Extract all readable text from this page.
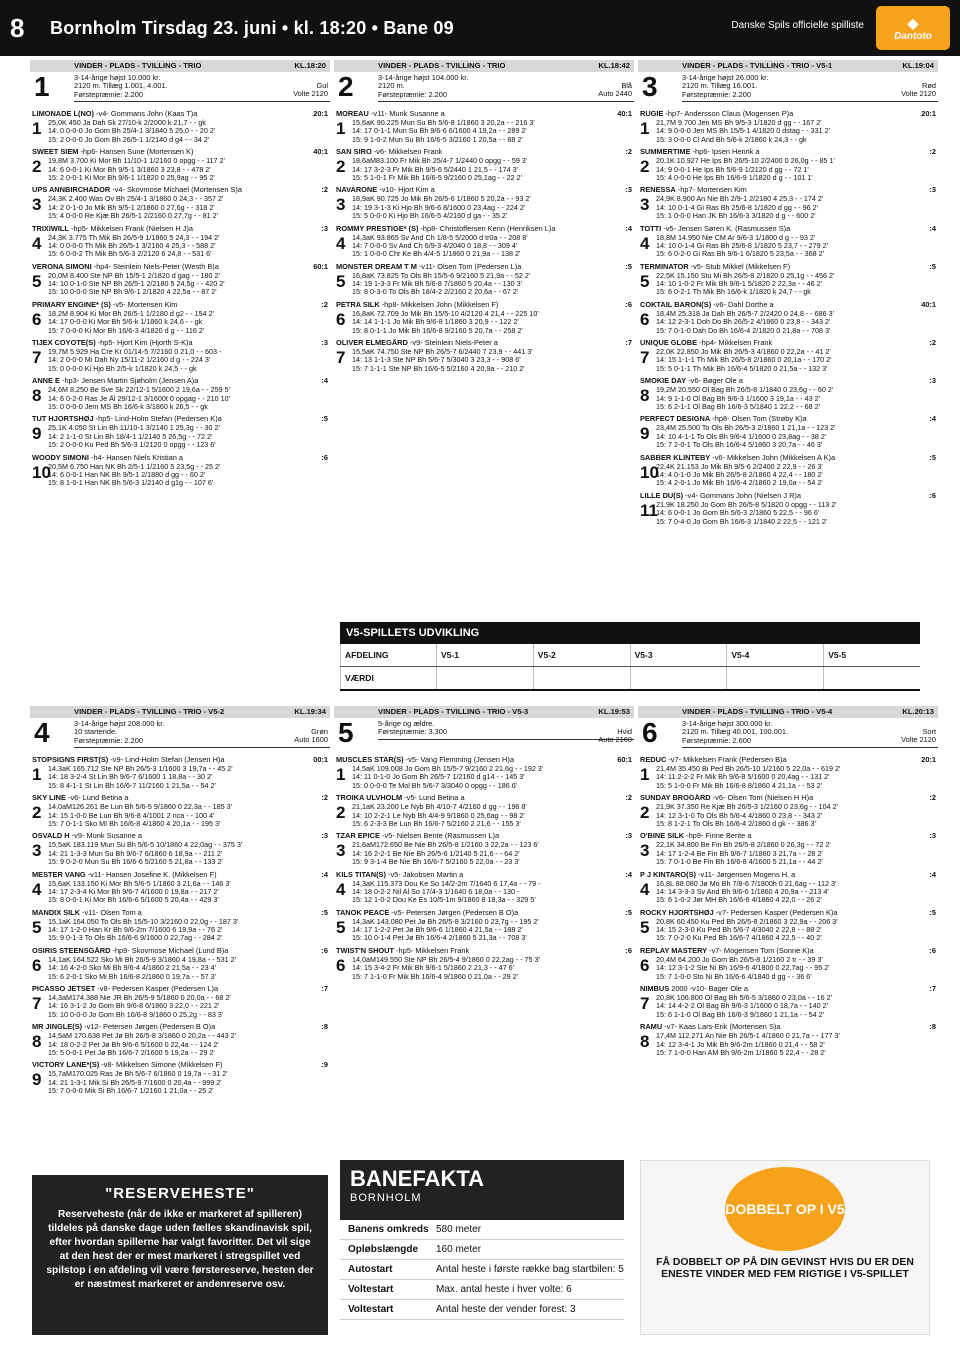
8	Bornholm Tirsdag 23. juni • kl. 18:20 • Bane 09	Danske Spils officielle spilliste	◆
Dantoto
VINDER - PLADS - TVILLING - TRIO	KL.18:20
1	3-14-årige højst 10.000 kr.
2120 m. Tillæg 1.001, 4.001.
Førstepræmie: 2.200
Gul
Volte 2120
LIMONADE L(NO) -v4- Gommans John (Kaas T)a	20:1
1 25,0K 450 Ja Dah Sk 27/10-k 2/2000 k 21,7 - - gk
14: 0 0-0-0 Jo Gom Bh 25/4-1 3/1840 5 25,0 - - 20 2'
15: 2 0-0-0 Jo Gom Bh 26/5-1 1/2140 d g4 - - 34 2'
SWEET SIEM -hp6- Hansen Sune (Mortensen K)	40:1
2 19,8M 3.700 Ki Mor Bh 11/10-1 1/2160 0 opgg - - 117 2'
14: 6 0-0-1 Ki Mor Bh 9/5-1 3/1860 3 23,8 - - 478 2'
15: 2 0-0-1 Ki Mor Bh 9/6-1 1/1820 0 25,9ag - - 95 2'
UPS ANNBIRCHADOR -v4- Skovmose Michael (Mortensen S)a	:2
3 24,3K 2.400 Was Ov Bh 25/4-1 3/1860 0 24,3 - - 357 2'
14: 2 0-1-0 Jo Mik Bh 9/5-1 2/1860 0 27,6g - - 318 2'
15: 4 0-0-0 Re Kjæ Bh 26/5-1 2/2160 0 27,7g - - 81 2'
TRIXIWILL -hp5- Mikkelsen Frank (Nielsen H J)a	:3
4 24,3K 3.775 Th Mik Bh 26/5-9 1/1860 5 24,3 - - 194 2'
14: 0 0-0-0 Th Mik Bh 26/5-1 3/2160 4 25,3 - - 588 2'
15: 6 0-0-2 Th Mik Bh 5/6-3 2/2120 6 24,8 - - 531 6'
VERONA SIMONI -hp4- Steinlein Niels-Peter (Westh B)a	60:1
5 20,0M 8.400 Ste NP Bh 15/5-1 2/1820 d gag - - 180 2'
14: 10 0-1-0 Ste NP Bh 26/5-1 2/2180 5 24,5g - - 420 2'
15: 10 0-0-0 Ste NP Bh 9/6-1 2/1820 4 22,5a - - 87 2'
PRIMARY ENGINE* (S) -v5- Mortensen Kim	:2
6 18,2M 8.904 Ki Mor Bh 26/5-1 1/2180 d g2 - - 154 2'
14: 17 0-0-0 Ki Mor Bh 5/6-k 1/1860 k 24,6 - - gk
15: 7 0-0-0 Ki Mor Bh 16/6-3 4/1820 d g - - 116 2'
TIJEX COYOTE(S) -hp5- Hjort Kim (Hjorth S-K)a	:3
7 19,7M 5.929 Ha Cre Kr 01/14-5 7/2160 0 21,0 - - 603 -
14: 2 0-0-0 Mi Dah Ny 15/11-2 1/2160 d g - - 224 3'
15: 0 0-0-0 Ki Hjo Bh 2/5-k 1/1820 k 24,5 - - gk
ANNE E -hp3- Jensen Martin Sjøholm (Jensen A)a	:4
8 24,6M 8.250 Be Sve Sk 22/12-1 5/1600 2 19,6a - - 259 5'
14: 6 0-2-0 Ras Je Ål 29/12-1 3/1600t 0 opgag - - 210 10'
15: 0 0-0-0 Jem MS Bh 16/6-k 3/1860 k 26,5 - - gk
TUT HJORTSHØJ -hp5- Lind-Holm Stefan (Pedersen K)a	:5
9 25,1K 4.050 St Lin Bh 11/10-1 3/2140 1 25,3g - - 30 2'
14: 2 1-1-0 St Lin Bh 18/4-1 1/2140 5 26,5g - - 72 2'
15: 2 0-0-0 Ku Ped Bh 5/6-3 1/2120 0 opgg - - 123 6'
WOODY SIMONI -h4- Hansen Niels Kristian a	:6
10
20,5M 6.750 Han NK Bh 2/5-1 1/2160 5 23,5g - - 25 2'
14: 6 0-0-1 Han NK Bh 9/5-1 2/1880 d gg - - 60 2'
15: 8 1-0-1 Han NK Bh 5/6-3 1/2140 d g1g - - 107 6'
VINDER - PLADS - TVILLING - TRIO	KL.18:42
2	3-14-årige højst 104.000 kr.
2120 m.
Førstepræmie: 2.200
Blå
Auto 2440
MOREAU -v11- Munk Susanne a	40:1
1 15,6aK 90.225 Mun Su Bh 5/6-8 1/1860 3 20,2a - - 216 3'
14: 17 0-1-1 Mun Su Bh 9/6-6 6/1600 4 19,2a - - 289 2'
15: 9 1-0-2 Mun Su Bh 16/6-5 3/2160 1 20,5a - - 88 2'
SAN SIRO -v6- Mikkelsen Frank	:2
2 18,6aM83.100 Fr Mik Bh 25/4-7 1/2440 0 opgg - - 59 3'
14: 17 3-2-3 Fr Mik Bh 9/5-6 5/2440 1 21,5 - - 174 3'
15: 5 1-0-1 Fr Mik Bh 16/6-5 9/2160 0 25,1ag - - 22 2'
NAVARONE -v10- Hjort Kim a	:3
3 18,9aK 90.725 Jo Mik Bh 26/5-6 1/1860 5 20,2a - - 93 2'
14: 19 3-1-3 Ki Hjo Bh 9/6-6 8/1600 0 23,4ag - - 224 2'
15: 5 0-0-0 Ki Hjo Bh 16/6-5 4/2160 d ga - - 35 2'
ROMMY PRESTIGE* (S) -hp8- Christoffersen Kenn (Henriksen L)a	:4
4 14,3aK 93.865 Sv And Ch 1/8-5 5/2000 d tr0a - - 208 8'
14: 7 0-0-0 Sv And Ch 6/9-3 4/2040 0 18,8 - - 309 4'
15: 1 0-0-0 Chr Ke Bh 4/4-5 1/1860 0 21,9a - - 138 2'
MONSTER DREAM T M -v11- Olsen Tom (Pedersen L)a	:5
5 16,8aK 73.825 To Ols Bh 15/5-6 9/2160 5 21,9a - - 52 2'
14: 19 1-3-3 Fr Mik Bh 5/6-8 7/1860 5 20,4a - - 130 3'
15: 8 0-3-0 To Ols Bh 18/4-2 2/2160 2 20,6a - - 67 2'
PETRA SILK -hp8- Mikkelsen John (Mikkelsen F)	:6
6 16,8aK 72.709 Jo Mik Bh 15/5-10 4/2120 4 21,4 - - 225 10'
14: 14 1-1-1 Jo Mik Bh 9/6-8 1/1860 3 20,9 - - 122 2'
15: 8 0-1-1 Jo Mik Bh 16/6-8 9/2160 5 20,7a - - 258 2'
OLIVER ELMEGÅRD -v9- Steinlein Niels-Peter a	:7
7 15,5aK 74.750 Ste NP Bh 26/5-7 6/2440 7 23,9 - - 441 3'
14: 13 1-1-3 Ste NP Bh 5/6-7 5/3040 3 23,3 - - 908 6'
15: 7 1-1-1 Ste NP Bh 16/6-5 5/2160 4 20,9a - - 210 2'
VINDER - PLADS - TVILLING - TRIO - V5-1	KL.19:04
3	3-14-årige højst 26.000 kr.
2120 m. Tillæg 16.001.
Førstepræmie: 2.200
Rød
Volte 2120
RUGIE -hp7- Andersson Claus (Mogensen P)a	20:1
1 21,7M 9.700 Jen MS Bh 9/5-3 1/1820 d gg - - 167 2'
14: 9 0-0-0 Jen MS Bh 15/5-1 4/1820 0 dstag - - 331 2'
15: 3 0-0-0 Cl And Bh 5/6-k 2/1860 k 24,3 - - gk
SUMMERTIME -hp6- Ipsen Henrik a	:2
2 20,1K 10.927 He Ips Bh 26/5-10 2/2400 0 26,0g - - 85 1'
14: 9 0-0-1 He Ips Bh 5/6-9 1/2120 d gg - - 72 1'
15: 4 0-0-0 He Ips Bh 16/6-9 1/1820 d g - - 101 1'
RENESSA -hp7- Mortensen Kim	:3
3 24,9K 8.900 An Nie Bh 2/9-1 2/2180 4 25,3 - - 174 2'
14: 10 0-1-4 Gi Ras Bh 25/6-8 1/1820 d gg - - 96 2'
15: 1 0-0-0 Han JK Bh 16/6-3 3/1820 d g - - 600 2'
TOTTI -v5- Jensen Søren K. (Rasmussen S)a	:4
4 18,8M 14.950 Nie CM Ar 9/6-3 1/1800 d g - - 93 2'
14: 10 0-1-4 Gi Ras Bh 25/6-8 1/1820 5 23,7 - - 279 2'
15: 6 0-2-0 Gi Ras Bh 9/6-1 6/1820 5 23,5a - - 368 2'
TERMINATOR -v5- Stub Mikkel (Mikkelsen F)	:5
5 22,5K 15.150 Stu Mi Bh 26/5-8 2/1820 0 25,1g - - 456 2'
14: 10 1-0-2 Fr Mik Bh 9/6-1 5/1820 2 22,3a - - 46 2'
15: 6 0-2-1 Th Mik Bh 16/6-k 1/1820 k 24,7 - - gk
COKTAIL BARON(S) -v6- Dahl Dorthe a	40:1
6 18,4M 25.318 Ja Dah Bh 26/5-7 2/2420 0 24,8 - - 686 3'
14: 12 2-3-1 Doh Do Bh 26/5-2 4/1860 0 23,8 - - 343 2'
15: 7 0-1-0 Dah Do Bh 16/6-4 2/1820 0 21,8a - - 708 3'
UNIQUE GLOBE -hp4- Mikkelsen Frank	:2
7 22,0K 22.850 Jo Mik Bh 26/5-3 4/1860 0 22,2a - - 41 2'
14: 15 1-1-1 Th Mik Bh 26/5-8 2/1860 0 20,1a - - 170 2'
15: 5 0-1-1 Th Mik Bh 16/6-4 5/1820 0 21,5a - - 132 3'
SMOKIE DAY -v6- Bøger Ole a	:3
8 19,2M 20.550 Ol Bag Bh 26/5-8 1/1840 0 23,6g - - 60 2'
14: 9 1-1-0 Ol Bag Bh 9/6-3 1/1600 3 19,1a - - 43 2'
15: 6 2-1-1 Ol Bag Bh 16/6-3 5/1840 1 22,2 - - 68 2'
PERFECT DESIGNA -hp8- Olsen Tom (Strøby K)a	:4
9 23,4M 25.500 To Ols Bh 26/5-3 2/1860 1 21,1a - - 123 2'
14: 10 4-1-1 To Ols Bh 9/6-4 1/1600 0 23,8ag - - 38 2'
15: 7 2-0-1 To Ols Bh 16/6-4 5/1860 3 20,7a - - 46 3'
SABBER KLINTEBY -v6- Mikkelsen John (Mikkelsen A K)a	:5
10
22,4K 21.153 Jo Mik Bh 9/5-6 2/2400 2 22,9 - - 26 3'
14: 4 0-1-0 Jo Mik Bh 26/5-8 2/1860 4 22,4 - - 180 2'
15: 4 2-0-1 Jo Mik Bh 16/6-4 2/1860 2 19,0a - - 54 2'
LILLE DU(S) -v4- Gommans John (Nielsen J R)a	:6
11
21,9K 18.250 Jo Gom Bh 26/5-8 5/1820 0 opgg - - 113 2'
14: 6 0-0-1 Jo Gom Bh 5/6-3 2/1860 5 22,5 - - 96 6'
15: 7 0-4-0 Jo Gom Bh 16/6-3 1/1840 2 22,5 - - 121 2'
VINDER - PLADS - TVILLING - TRIO - V5-2	KL.19:34
4	3-14-årige højst 208.000 kr.
10 startende.
Førstepræmie: 2.200
Grøn
Auto 1600
STOPSIGNS FIRST(S) -v9- Lind-Holm Stefan (Jensen H)a	00:1
1 14,3aK 165.712 Ste NP Bh 26/5-3 1/1600 3 19,7a - - 45 2'
14: 18 3-2-4 St Lin Bh 9/6-7 6/1600 1 18,8a - - 30 2'
15: 8 4-1-1 St Lin Bh 16/6-7 11/2160 1 21,5a - - 54 2'
SKY LINE -v6- Lund Betina a	:2
2 14,0aM126.261 Be Lun Bh 5/6-5 9/1860 0 22,3a - - 185 3'
14: 15 1-0-0 Be Lun Bh 9/6-8 4/1001 2 nca - - 100 4'
15: 7 0-1-1 Sko MI Bh 16/6-8 4/1860 4 20,1a - - 195 3'
OSVALD H -v9- Munk Susanne a	:3
3 15,5aK 183.119 Mun Su Bh 5/6-5 10/1860 4 22,0ag - - 375 3'
14: 21 1-3-3 Mun Su Bh 9/6-7 6/1860 6 18,9a - - 211 2'
15: 9 0-2-0 Mun Su Bh 16/6-6 5/2160 5 21,8a - - 133 2'
MESTER VANG -v11- Hansen Josefine K. (Mikkelsen F)	:4
4 15,6aK 133.150 Ki Mor Bh 5/6-5 1/1860 3 21,6a - - 146 3'
14: 17 2-3-4 Ki Mor Bh 9/6-7 4/1600 0 19,8a - - 217 2'
15: 8 0-0-1 Ki Mor Bh 16/6-6 5/1600 5 20,4a - - 429 3'
MANDIX SILK -v11- Olsen Tom a	:5
5 15,1aK 164.050 To Ols Bh 15/5-10 3/2160 0 22,0g - - 187 3'
14: 17 1-2-0 Han Kr Bh 9/6-2m 7/1600 6 19,9a - - 76 2'
15: 9 0-1-3 To Ols Bh 16/6-6 9/1600 0 22,7ag - - 284 2'
OSIRIS STEENSGÅRD -hp9- Skovmose Michael (Lund B)a	:6
6 14,1aK 164.522 Sko Mi Bh 26/5-9 3/1860 4 19,8a - - 531 2'
14: 16 4-2-0 Sko Mi Bh 9/6-4 4/1860 2 21,5a - - 23 4'
15: 6 2-0-1 Sko Mi Bh 16/6-8 2/1860 0 19,7a - - 57 3'
PICASSO JETSET -v8- Pedersen Kasper (Pedersen L)a	:7
7 14,3aM174.388 Nie JR Bh 26/5-9 5/1860 0 20,0a - - 68 2'
14: 16 3-1-2 Jo Gom Bh 9/6-8 6/1860 3 22,0 - - 221 2'
15: 10 0-0-0 Jo Gom Bh 16/6-8 9/1860 0 25,2g - - 83 3'
MR JINGLE(S) -v12- Petersen Jørgen (Pedersen B O)a	:8
8 14,5aM 170.638 Pet Jø Bh 26/5-8 3/1860 0 20,2a - - 443 2'
14: 18 0-2-2 Pet Jø Bh 9/6-6 5/1600 0 22,4a - - 124 2'
15: 5 0-0-1 Pet Jø Bh 16/6-7 2/1600 5 19,2a - - 29 2'
VICTORY LANE*(S) -v8- Mikkelsen Simone (Mikkelsen F)	:9
9 15,7aM170.025 Ras Je Bh 5/6-7 6/1860 0 19,7a - - 31 2'
14: 21 1-3-1 Mik Si Bh 26/5-9 7/1600 0 20,4a - - 999 2'
15: 7 0-0-0 Mik Si Bh 16/6-7 1/2160 1 21,0a - - 25 2'
VINDER - PLADS - TVILLING - TRIO - V5-3	KL.19:53
5	5-årige og ældre.
Førstepræmie: 3.300	Hvid
Auto 2160
MUSCLES STAR(S) -v5- Vang Flemming (Jensen H)a	60:1
1 14,5aK 109.008 Jo Gom Bh 15/5-7 9/2160 2 21,6g - - 192 3'
14: 11 0-1-0 Jo Gom Bh 26/5-7 1/2160 d g14 - - 145 3'
15: 0 0-0-0 Te Mol Bh 5/6-7 3/3040 0 opgg - - 186 6'
TROIKA ULVHOLM -v5- Lund Betina a	:2
2 21,1aK 23.200 Le Nyb Bh 4/10-7 4/2160 d gg - - 196 8'
14: 10 2-2-1 Le Nyb Bh 4/4-9 9/1860 0 25,6ag - - 98 2'
15: 6 2-3-3 Be Lun Bh 16/6-7 5/2160 2 21,6 - - 155 3'
TZAR EPICE -v5- Nielsen Bente (Rasmussen L)a	:3
3 21,6aM172.650 Be Nie Bh 26/5-8 1/2160 3 22,2a - - 123 6'
14: 16 2-2-1 Be Nie Bh 26/5-6 1/2140 5 21,6 - - 64 2'
15: 9 3-1-4 Be Nie Bh 16/6-7 5/2160 5 22,0a - - 23 3'
KILS TITAN(S) -v5- Jakobsen Martin a	:4
4 14,3aK 115.373 Dou Ke So 14/2-2m 7/1640 6 17,4a - - 79 -
14: 18 0-2-2 Nil Al So 17/4-3 1/1640 6 18,0a - - 130 -
15: 12 1-0-2 Dou Ke Es 10/5-1m 9/1860 8 18,3a - - 329 5'
TANOK PEACE -v5- Petersen Jørgen (Pedersen B O)a	:5
5 14,3aK 143.080 Pet Jø Bh 26/5-8 3/2160 0 23,7g - - 195 2'
14: 17 1-2-2 Pet Jø Bh 9/6-6 1/1860 4 21,5a - - 188 2'
15: 10 0-1-4 Pet Jø Bh 16/6-4 2/1860 5 21,3a - - 708 3'
TWIST'N SHOUT -hp5- Mikkelsen Frank	:6
6 14,0aM149.550 Ste NP Bh 26/5-4 9/1860 0 22,2ag - - 75 3'
14: 15 3-4-2 Fr Mik Bh 9/6-1 5/1860 2 21,3 - - 47 6'
15: 7 1-1-0 Fr Mik Bh 16/6-4 9/1860 0 21,0a - - 29 2'
VINDER - PLADS - TVILLING - TRIO - V5-4	KL.20:13
6	3-14-årige højst 300.000 kr.
2120 m. Tillæg 40.001, 100.001.
Førstepræmie: 2.600
Sort
Volte 2120
REDUC -v7- Mikkelsen Frank (Pedersen B)a	20:1
1 21,4M 35.450 Bi Ped Bh 26/5-10 1/2160 5 22,0a - - 619 2'
14: 11 2-2-2 Fr Mik Bh 9/6-8 5/1600 0 20,4ag - - 131 2'
15: 5 1-0-0 Fr Mik Bh 16/6-8 8/1860 4 21,1a - - 53 2'
SUNDAY BROGÅRD -v6- Olsen Tom (Nielsen H H)a	:2
2 21,9K 37.350 Re Kjæ Bh 26/5-3 1/2160 0 23,6g - - 104 2'
14: 12 3-1-0 To Ols Bh 5/6-4 4/1860 0 23,8 - - 343 2'
15: 8 1-2-1 To Ols Bh 16/6-4 2/1860 d gk - - 386 3'
O'BINE SILK -hp9- Finne Bente a	:3
3 22,1K 34.800 Be Fin Bh 26/5-8 2/1860 0 26,3g - - 72 2'
14: 17 1-2-4 Be Fin Bh 9/6-7 1/1860 3 21,7a - - 28 2'
15: 7 0-1-0 Be Fin Bh 16/6-8 4/1600 5 21,1a - - 44 2'
P J KINTARO(S) -v11- Jørgensen Mogens H. a	:4
4 16,8L 88.080 Jø Mo Bh 7/8-6 7/1800h 0 21,6ag - - 112 3'
14: 14 3-3-3 Sv And Bh 9/6-6 1/1860 4 20,9a - - 213 4'
15: 6 1-0-2 Jør MH Bh 16/6-6 4/1860 4 22,0 - - 26 2'
ROCKY HJORTSHØJ -v7- Pedersen Kasper (Pedersen K)a	:5
5 20,8K 60.450 Ku Ped Bh 26/5-8 2/1860 3 22,9a - - 206 3'
14: 15 2-3-0 Ku Ped Bh 5/6-7 4/3040 2 22,8 - - 88 2'
15: 7 0-2-0 Ku Ped Bh 16/6-7 4/1860 4 22,5 - - 40 2'
REPLAY MASTERY -v7- Mogensen Tom (Sonne K)a	:6
6 20,4M 64.200 Jo Gom Bh 26/5-8 1/2160 2 tr - - 39 3'
14: 12 3-1-2 Ste Ni Bh 16/9-6 4/1800 0 22,7ag - - 95 2'
15: 7 1-0-0 Sto Ni Bh 16/6-6 4/1840 d gg - - 36 6'
NIMBUS 2000 -v10- Bager Ole a	:7
7 20,8K 106.800 Ol Bag Bh 5/6-5 3/1860 0 23,0a - - 16 2'
14: 14 4-2-2 Ol Bag Bh 9/6-3 1/1600 0 18,7a - - 140 2'
15: 6 1-1-0 Ol Bag Bh 16/6-3 9/1860 1 21,1a - - 54 2'
RAMU -v7- Kaas Lars-Erik (Mortensen S)a	:8
8 17,4M 112.271 An Nie Bh 26/5-1 4/1860 0 21,7a - - 177 3'
14: 12 3-4-1 Jo Mik Bh 9/6-2m 1/1860 0 21,4 - - 58 2'
15: 7 1-0-0 Han AM Bh 9/6-2m 1/1860 5 22,4 - - 28 2'
V5-SPILLETS UDVIKLING
AFDELING	V5-1	V5-2	V5-3	V5-4	V5-5
VÆRDI
"RESERVEHESTE"
Reserveheste (når de ikke er markeret af spilleren) tildeles på danske dage uden fælles skandinavisk spil, efter hvordan spillerne har valgt favoritter. Det vil sige at den hest der er mest markeret i stregspillet ved spilstop i en afdeling vil være førstereserve, hesten der er næstmest markeret er andenreserve osv.
BANEFAKTA
BORNHOLM
Banens omkreds 580 meter
Opløbslængde	160 meter
Autostart	Antal heste i første række bag startbilen: 5
Voltestart	Max. antal heste i hver volte: 6
Voltestart	Antal heste der vender forest: 3
DOBBELT OP I V5
FÅ DOBBELT OP PÅ DIN GEVINST HVIS DU ER DEN ENESTE VINDER MED FEM RIGTIGE I V5-SPILLET
